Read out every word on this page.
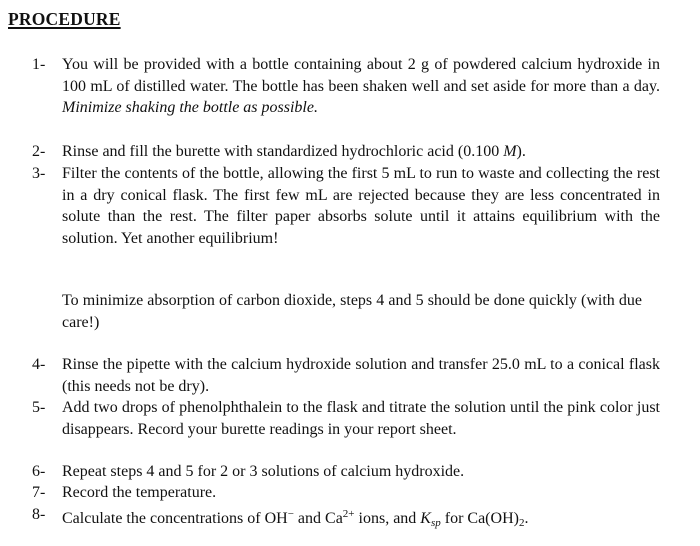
PROCEDURE
1-	You will be provided with a bottle containing about 2 g of powdered calcium hydroxide in 100 mL of distilled water. The bottle has been shaken well and set aside for more than a day. Minimize shaking the bottle as possible.
2-	Rinse and fill the burette with standardized hydrochloric acid (0.100 M).
3-	Filter the contents of the bottle, allowing the first 5 mL to run to waste and collecting the rest in a dry conical flask. The first few mL are rejected because they are less concentrated in solute than the rest. The filter paper absorbs solute until it attains equilibrium with the solution. Yet another equilibrium!
To minimize absorption of carbon dioxide, steps 4 and 5 should be done quickly (with due care!)
4-	Rinse the pipette with the calcium hydroxide solution and transfer 25.0 mL to a conical flask (this needs not be dry).
5-	Add two drops of phenolphthalein to the flask and titrate the solution until the pink color just disappears. Record your burette readings in your report sheet.
6-	Repeat steps 4 and 5 for 2 or 3 solutions of calcium hydroxide.
7-	Record the temperature.
8-	Calculate the concentrations of OH− and $Ca^{2+}$ ions, and $K_{sp}$ for $Ca(OH)_2$.
